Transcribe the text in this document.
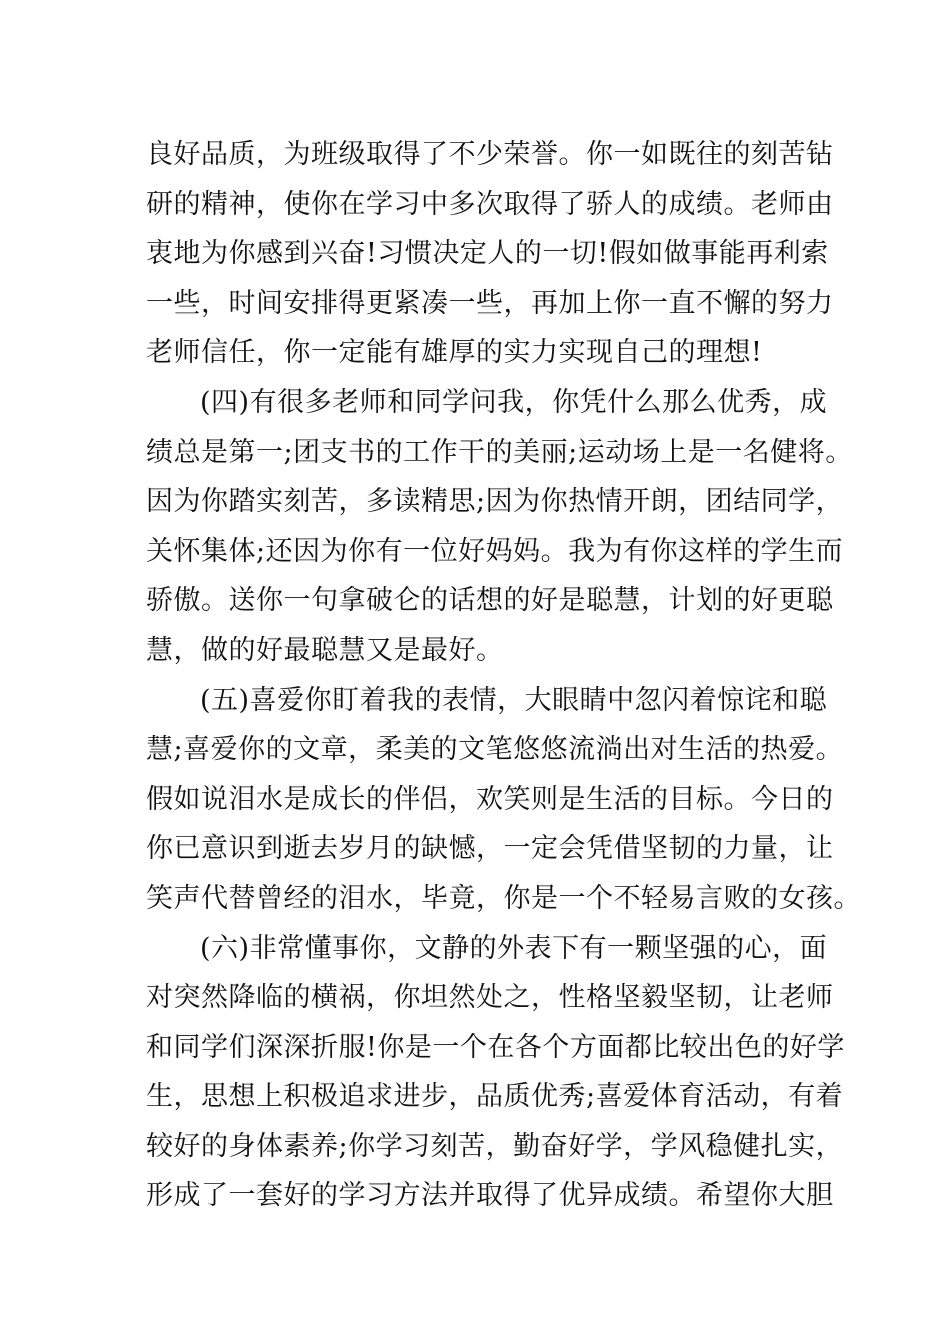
良好品质，为班级取得了不少荣誉。你一如既往的刻苦钻
研的精神，使你在学习中多次取得了骄人的成绩。老师由
衷地为你感到兴奋!习惯决定人的一切!假如做事能再利索
一些，时间安排得更紧凑一些，再加上你一直不懈的努力
老师信任，你一定能有雄厚的实力实现自己的理想!
(四)有很多老师和同学问我，你凭什么那么优秀，成
绩总是第一;团支书的工作干的美丽;运动场上是一名健将。
因为你踏实刻苦，多读精思;因为你热情开朗，团结同学，
关怀集体;还因为你有一位好妈妈。我为有你这样的学生而
骄傲。送你一句拿破仑的话想的好是聪慧，计划的好更聪
慧，做的好最聪慧又是最好。
(五)喜爱你盯着我的表情，大眼睛中忽闪着惊诧和聪
慧;喜爱你的文章，柔美的文笔悠悠流淌出对生活的热爱。
假如说泪水是成长的伴侣，欢笑则是生活的目标。今日的
你已意识到逝去岁月的缺憾，一定会凭借坚韧的力量，让
笑声代替曾经的泪水，毕竟，你是一个不轻易言败的女孩。
(六)非常懂事你，文静的外表下有一颗坚强的心，面
对突然降临的横祸，你坦然处之，性格坚毅坚韧，让老师
和同学们深深折服!你是一个在各个方面都比较出色的好学
生，思想上积极追求进步，品质优秀;喜爱体育活动，有着
较好的身体素养;你学习刻苦，勤奋好学，学风稳健扎实，
形成了一套好的学习方法并取得了优异成绩。希望你大胆
